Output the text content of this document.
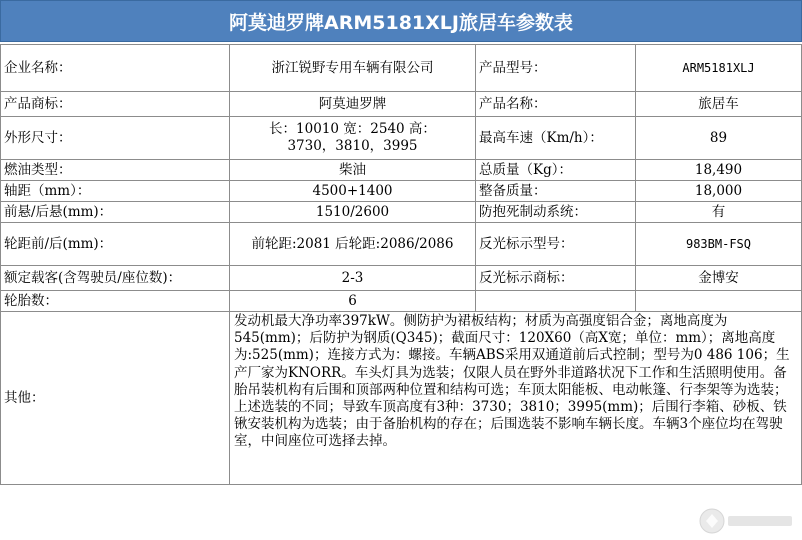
阿莫迪罗牌ARM5181XLJ旅居车参数表
企业名称：	浙江锐野专用车辆有限公司	产品型号：	ARM5181XLJ
产品商标：	阿莫迪罗牌	产品名称：	旅居车
外形尺寸：	长：10010 宽：2540 高：3730，3810，3995	最高车速（Km/h）：	89
燃油类型：	柴油	总质量（Kg）：	18,490
轴距（mm）：	4500+1400	整备质量：	18,000
前悬/后悬(mm)：	1510/2600	防抱死制动系统：	有
轮距前/后(mm)：	前轮距:2081 后轮距:2086/2086	反光标示型号：	983BM-FSQ
额定载客(含驾驶员/座位数)：	2-3	反光标示商标：	金博安
轮胎数：	6		
其他：	发动机最大净功率397kW。侧防护为裙板结构；材质为高强度铝合金；离地高度为545(mm)；后防护为钢质(Q345)；截面尺寸：120X60（高X宽；单位：mm）；离地高度为:525(mm)；连接方式为：螺接。车辆ABS采用双通道前后式控制；型号为0 486 106；生产厂家为KNORR。车头灯具为选装；仅限人员在野外非道路状况下工作和生活照明使用。备胎吊装机构有后围和顶部两种位置和结构可选；车顶太阳能板、电动帐篷、行李架等为选装；上述选装的不同；导致车顶高度有3种：3730；3810；3995(mm)；后围行李箱、砂板、铁锹安装机构为选装；由于备胎机构的存在；后围选装不影响车辆长度。车辆3个座位均在驾驶室，中间座位可选择去掉。		
